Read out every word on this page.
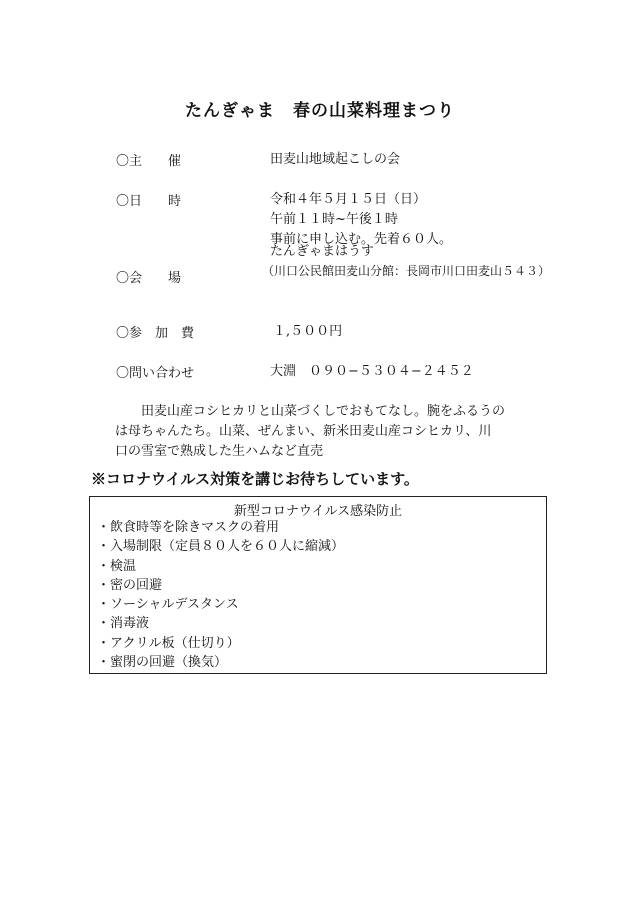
たんぎゃま　春の山菜料理まつり
〇主　　催	田麦山地域起こしの会
〇日　　時	令和４年５月１５日（日）
午前１１時~午後１時
事前に申し込む。先着６０人。
〇会　　場
たんぎゃまはうす
（川口公民館田麦山分館：長岡市川口田麦山５４３）
〇参　加　費	１,５００円
〇問い合わせ	大淵　０９０−５３０４−２４５２
田麦山産コシヒカリと山菜づくしでおもてなし。腕をふるうの
は母ちゃんたち。山菜、ぜんまい、新米田麦山産コシヒカリ、川
口の雪室で熟成した生ハムなど直売
※コロナウイルス対策を講じお待ちしています。
新型コロナウイルス感染防止
・飲食時等を除きマスクの着用
・入場制限（定員８０人を６０人に縮減）
・検温
・密の回避
・ソーシャルデスタンス
・消毒液
・アクリル板（仕切り）
・蜜閉の回避（換気）
